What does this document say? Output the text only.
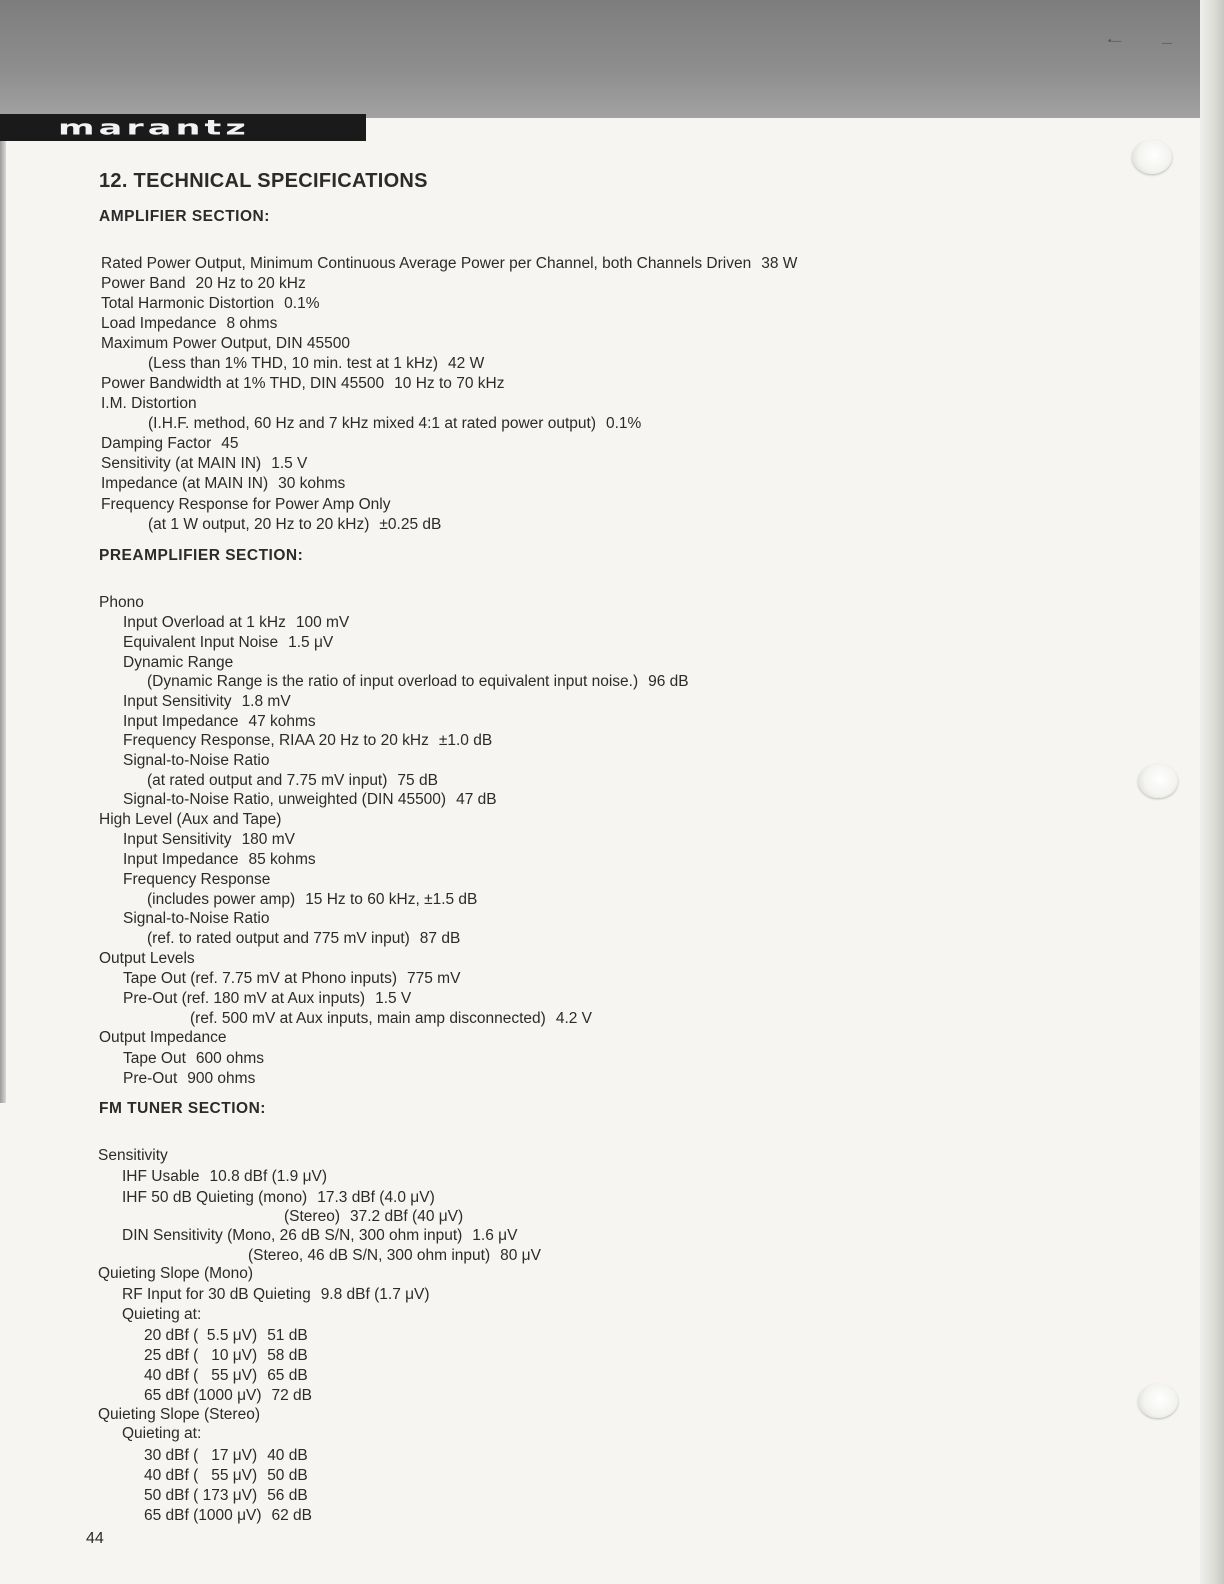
•—	—
marantz
12. TECHNICAL SPECIFICATIONS
AMPLIFIER SECTION:
Rated Power Output, Minimum Continuous Average Power per Channel, both Channels Driven 38 W
Power Band 20 Hz to 20 kHz
Total Harmonic Distortion 0.1%
Load Impedance 8 ohms
Maximum Power Output, DIN 45500
(Less than 1% THD, 10 min. test at 1 kHz) 42 W
Power Bandwidth at 1% THD, DIN 45500 10 Hz to 70 kHz
I.M. Distortion
(I.H.F. method, 60 Hz and 7 kHz mixed 4:1 at rated power output) 0.1%
Damping Factor 45
Sensitivity (at MAIN IN) 1.5 V
Impedance (at MAIN IN) 30 kohms
Frequency Response for Power Amp Only
(at 1 W output, 20 Hz to 20 kHz) ±0.25 dB
PREAMPLIFIER SECTION:
Phono
Input Overload at 1 kHz 100 mV
Equivalent Input Noise 1.5 μV
Dynamic Range
(Dynamic Range is the ratio of input overload to equivalent input noise.) 96 dB
Input Sensitivity 1.8 mV
Input Impedance 47 kohms
Frequency Response, RIAA 20 Hz to 20 kHz ±1.0 dB
Signal-to-Noise Ratio
(at rated output and 7.75 mV input) 75 dB
Signal-to-Noise Ratio, unweighted (DIN 45500) 47 dB
High Level (Aux and Tape)
Input Sensitivity 180 mV
Input Impedance 85 kohms
Frequency Response
(includes power amp) 15 Hz to 60 kHz, ±1.5 dB
Signal-to-Noise Ratio
(ref. to rated output and 775 mV input) 87 dB
Output Levels
Tape Out (ref. 7.75 mV at Phono inputs) 775 mV
Pre-Out (ref. 180 mV at Aux inputs) 1.5 V
(ref. 500 mV at Aux inputs, main amp disconnected) 4.2 V
Output Impedance
Tape Out 600 ohms
Pre-Out 900 ohms
FM TUNER SECTION:
Sensitivity
IHF Usable 10.8 dBf (1.9 μV)
IHF 50 dB Quieting (mono) 17.3 dBf (4.0 μV)
(Stereo) 37.2 dBf (40 μV)
DIN Sensitivity (Mono, 26 dB S/N, 300 ohm input) 1.6 μV
(Stereo, 46 dB S/N, 300 ohm input) 80 μV
Quieting Slope (Mono)
RF Input for 30 dB Quieting 9.8 dBf (1.7 μV)
Quieting at:
20 dBf (  5.5 μV) 51 dB
25 dBf (   10 μV) 58 dB
40 dBf (   55 μV) 65 dB
65 dBf (1000 μV) 72 dB
Quieting Slope (Stereo)
Quieting at:
30 dBf (   17 μV) 40 dB
40 dBf (   55 μV) 50 dB
50 dBf ( 173 μV) 56 dB
65 dBf (1000 μV) 62 dB

44
